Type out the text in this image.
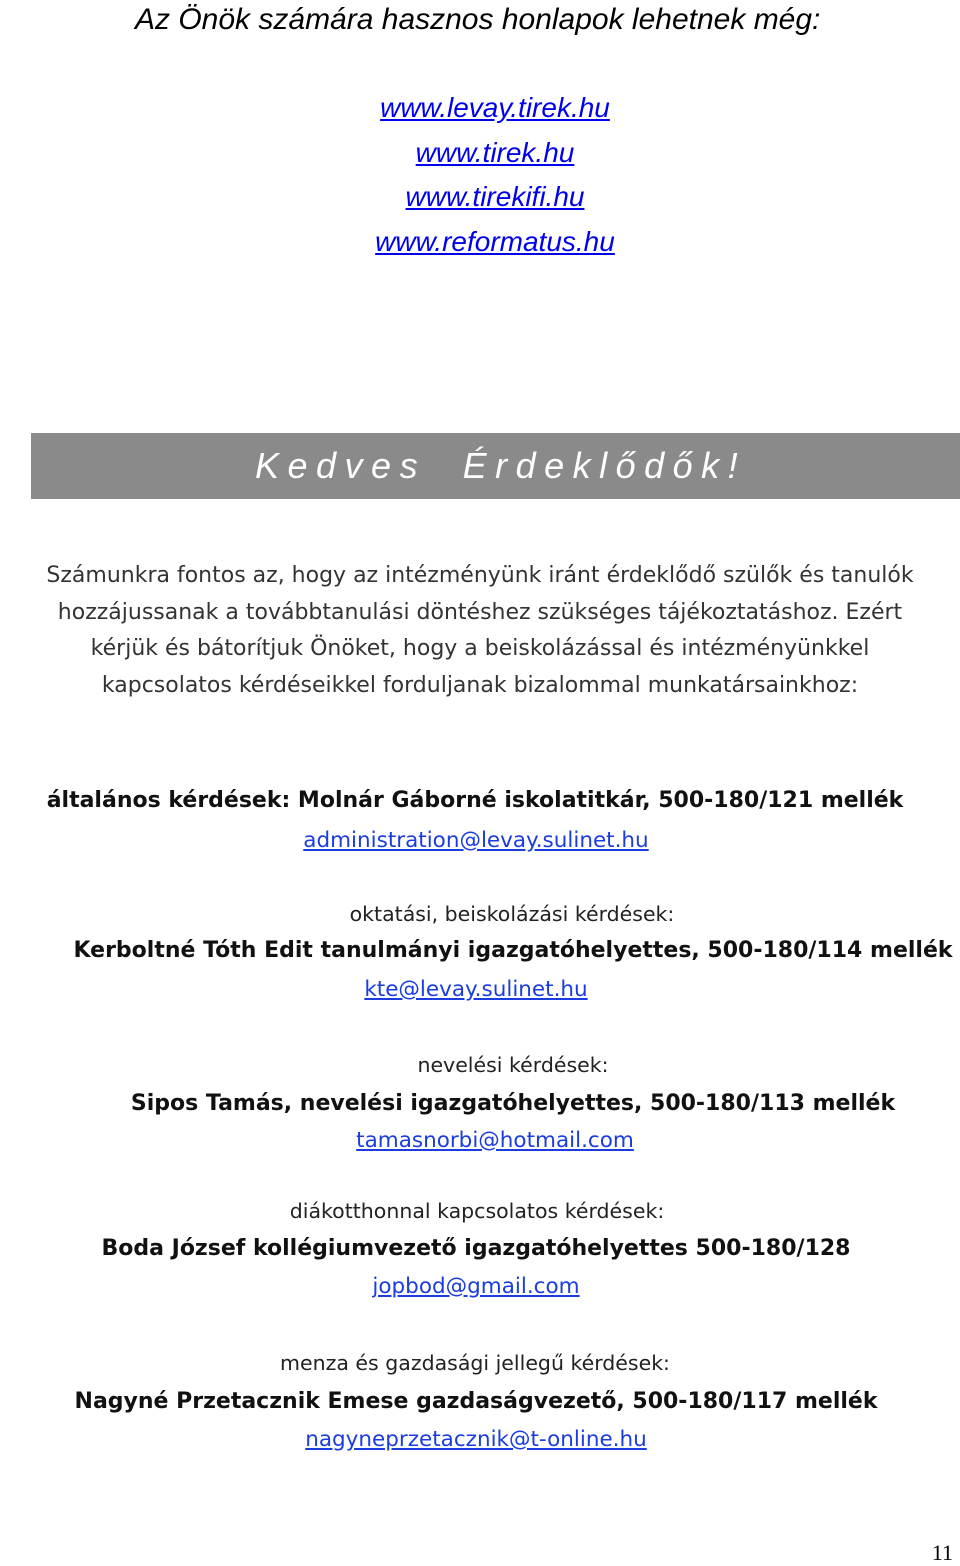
Az Önök számára hasznos honlapok lehetnek még:
www.levay.tirek.hu
www.tirek.hu
www.tirekifi.hu
www.reformatus.hu
Kedves Érdeklődők!
Számunkra fontos az, hogy az intézményünk iránt érdeklődő szülők és tanulók
hozzájussanak a továbbtanulási döntéshez szükséges tájékoztatáshoz. Ezért
kérjük és bátorítjuk Önöket, hogy a beiskolázással és intézményünkkel
kapcsolatos kérdéseikkel forduljanak bizalommal munkatársainkhoz:
általános kérdések: Molnár Gáborné iskolatitkár, 500-180/121 mellék
administration@levay.sulinet.hu
oktatási, beiskolázási kérdések:
Kerboltné Tóth Edit tanulmányi igazgatóhelyettes, 500-180/114 mellék
kte@levay.sulinet.hu
nevelési kérdések:
Sipos Tamás, nevelési igazgatóhelyettes, 500-180/113 mellék
tamasnorbi@hotmail.com
diákotthonnal kapcsolatos kérdések:
Boda József kollégiumvezető igazgatóhelyettes 500-180/128
jopbod@gmail.com
menza és gazdasági jellegű kérdések:
Nagyné Przetacznik Emese gazdaságvezető, 500-180/117 mellék
nagyneprzetacznik@t-online.hu
11
